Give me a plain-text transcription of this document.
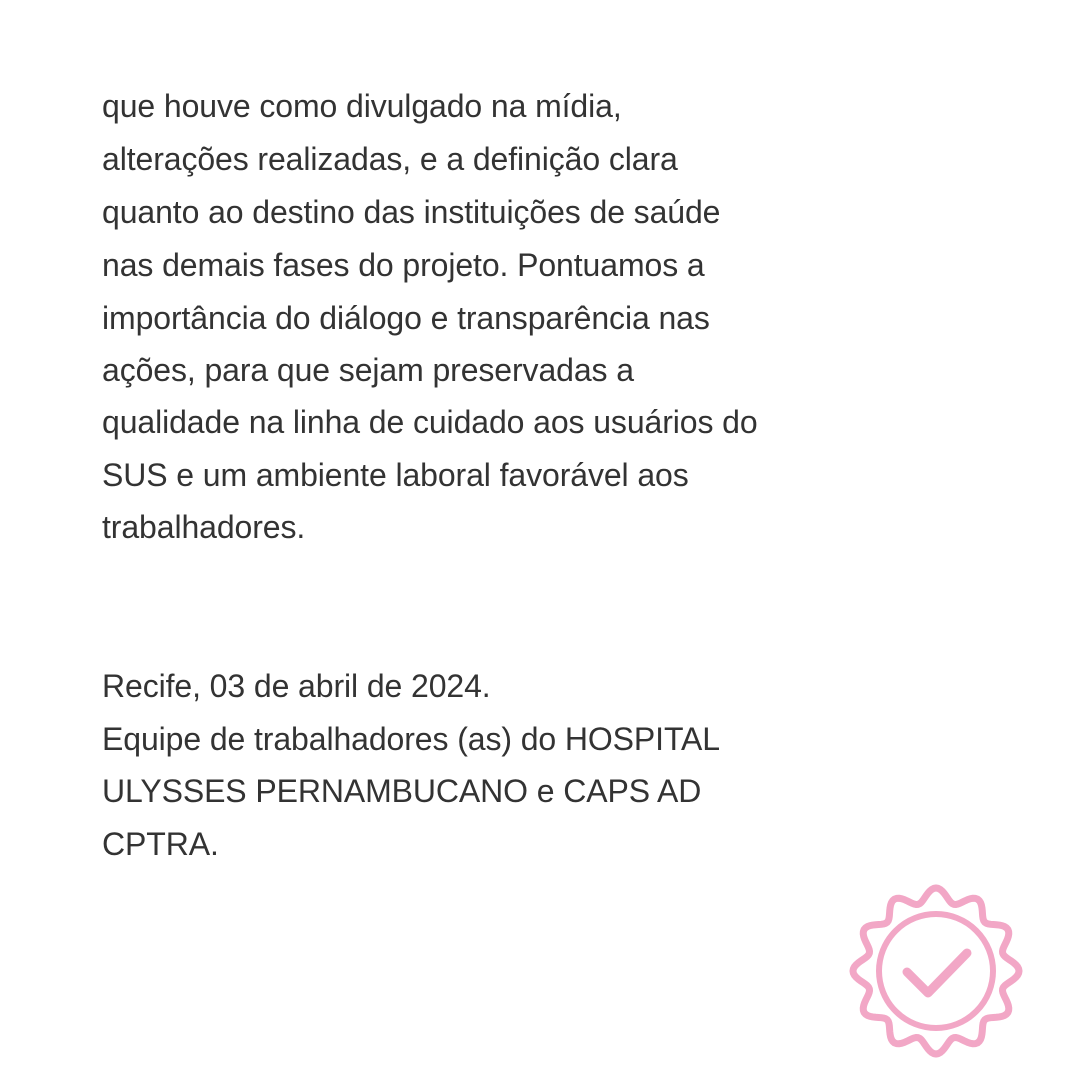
que houve como divulgado na mídia,

alterações realizadas, e a definição clara

quanto ao destino das instituições de saúde

nas demais fases do projeto. Pontuamos a

importância do diálogo e transparência nas

ações, para que sejam preservadas a

qualidade na linha de cuidado aos usuários do

SUS e um ambiente laboral favorável aos

trabalhadores.

Recife, 03 de abril de 2024.

Equipe de trabalhadores (as) do HOSPITAL

ULYSSES PERNAMBUCANO e CAPS AD

CPTRA.
